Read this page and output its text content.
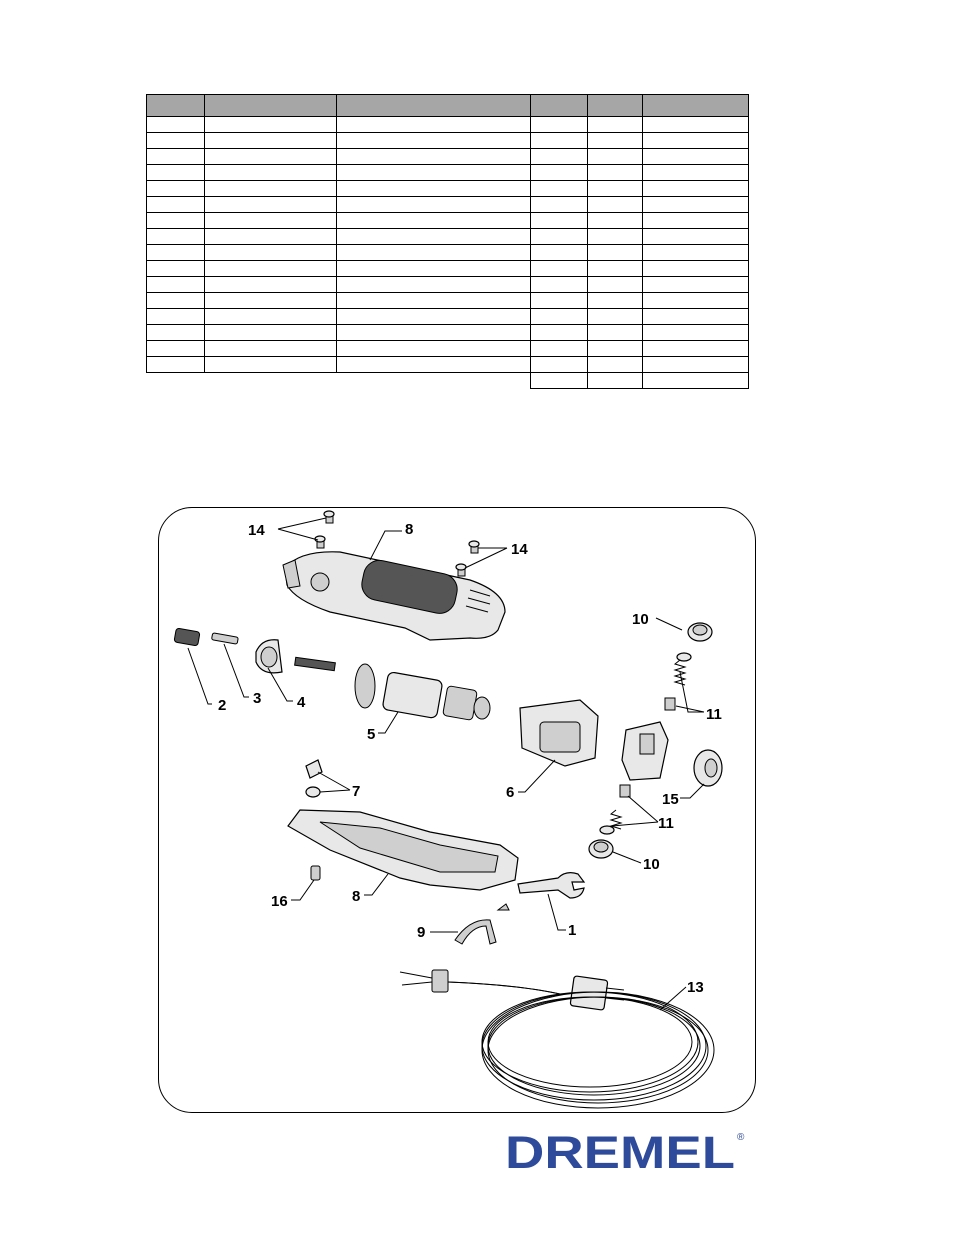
14	8
14
10
11
2 3 4
5
6	15
7
11
10
16	8
1
9
13
DREMEL ®
